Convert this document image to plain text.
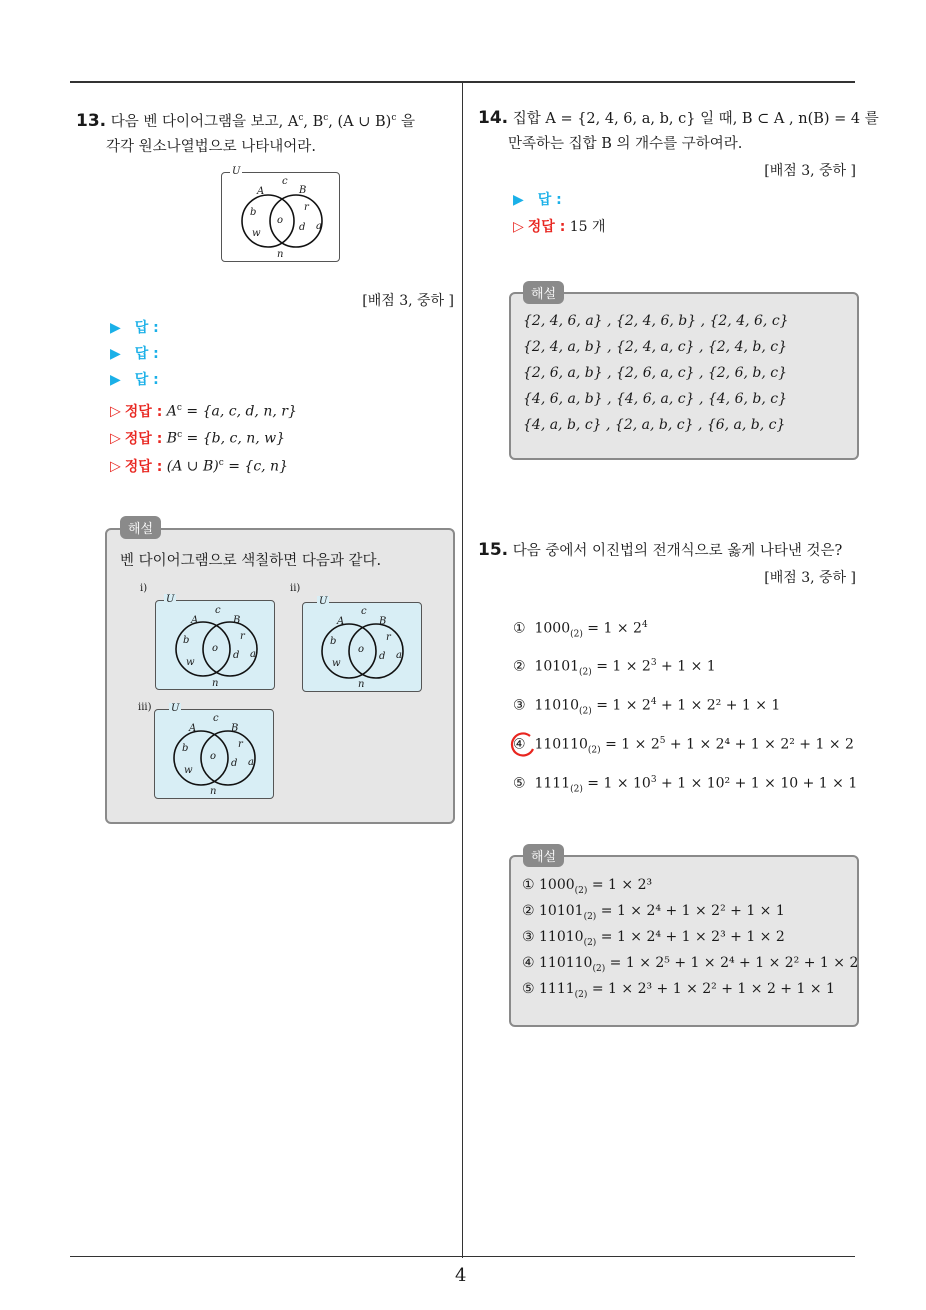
4
13. 다음 벤 다이어그램을 보고, $A^c$, $B^c$, (A ∪ B)$^c$ 을
각각 원소나열법으로 나타내어라.
U
A	B
c
b
o
r
w
d a
n
[배점 3, 중하 ]
▶ 답 :
▶ 답 :
▶ 답 :
▷ 정답 : $A^c = \{a$, c, d, n, r}
▷ 정답 : $B^c = \{b$, c, n, w}
▷ 정답 : (A ∪ B)$^c$ = {c, n}
해설
벤 다이어그램으로 색칠하면 다음과 같다.
i)
U
A	B
c
b
o
r
w
d a
n
ii)
U
A	B
c
b
o
r
w
d a
n
iii) U
A	B
c
b
o
r
w
d a
n
14. 집합 A = {2, 4, 6, a, b, c} 일 때, B ⊂ A , n(B) = 4 를
만족하는 집합 B 의 개수를 구하여라.
[배점 3, 중하 ]
▶ 답 :
▷ 정답 : 15 개
해설
{2, 4, 6, a} , {2, 4, 6, b} , {2, 4, 6, c}
{2, 4, a, b} , {2, 4, a, c} , {2, 4, b, c}
{2, 6, a, b} , {2, 6, a, c} , {2, 6, b, c}
{4, 6, a, b} , {4, 6, a, c} , {4, 6, b, c}
{4, a, b, c} , {2, a, b, c} , {6, a, b, c}
15. 다음 중에서 이진법의 전개식으로 옳게 나타낸 것은?
[배점 3, 중하 ]
① $1000_{(2)} = 1 \times 2^4$
② $10101_{(2)} = 1 \times 2^3 + 1 \times 1$
③ $11010_{(2)} = 1 \times 2^4 + 1 \times 2^2 + 1 \times 1$
④ $110110_{(2)} = 1 \times 2^5 + 1 \times 2^4 + 1 \times 2^2 + 1 \times 2$
⑤ $1111_{(2)} = 1 \times 10^3 + 1 \times 10^2 + 1 \times 10 + 1 \times 1$
해설
① $1000_{(2)} = 1 \times 2^3$
② $10101_{(2)} = 1 \times 2^4 + 1 \times 2^2 + 1 \times 1$
③ $11010_{(2)} = 1 \times 2^4 + 1 \times 2^3 + 1 \times 2$
④ $110110_{(2)} = 1 \times 2^5 + 1 \times 2^4 + 1 \times 2^2 + 1 \times 2$
⑤ $1111_{(2)} = 1 \times 2^3 + 1 \times 2^2 + 1 \times 2 + 1 \times 1$
